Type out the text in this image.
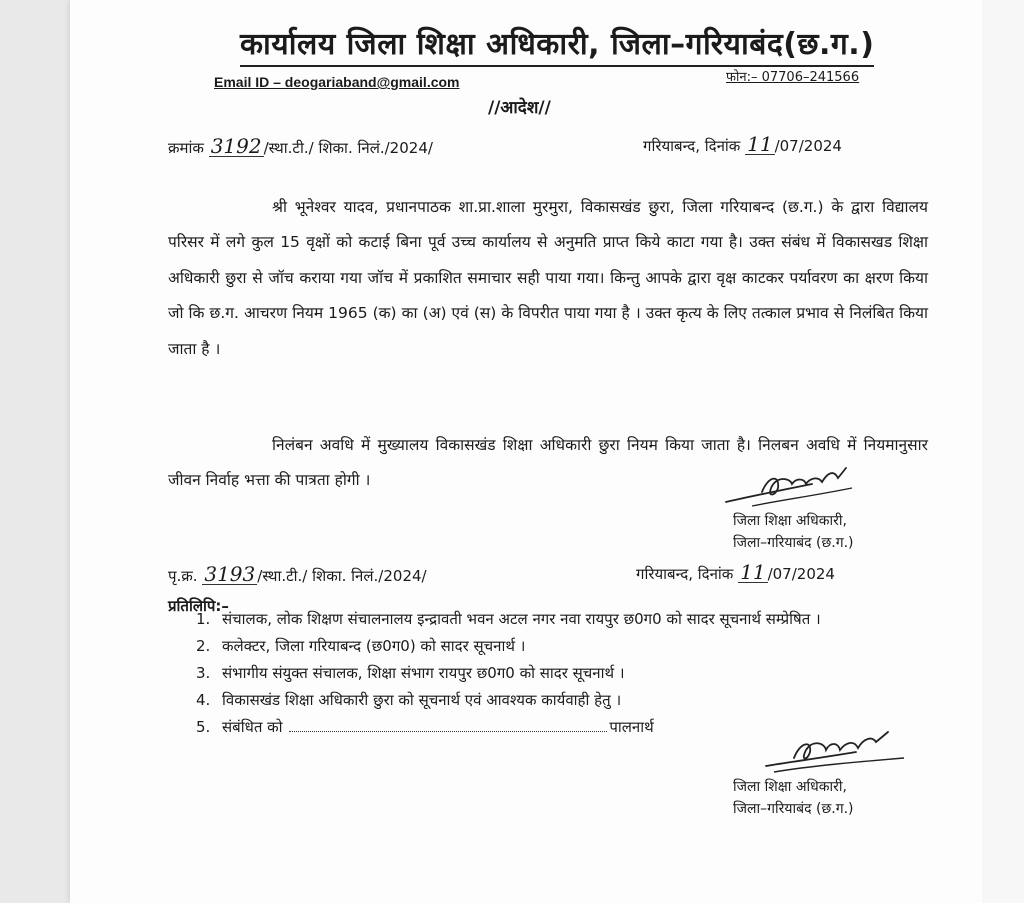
कार्यालय जिला शिक्षा अधिकारी, जिला–गरियाबंद(छ.ग.)
Email ID – deogariaband@gmail.com	फोन:– 07706–241566
//आदेश//
क्रमांक 3192 /स्था.टी./ शिका. निलं./2024/	गरियाबन्द, दिनांक 11 /07/2024

श्री भूनेश्वर यादव, प्रधानपाठक शा.प्रा.शाला मुरमुरा, विकासखंड छुरा, जिला गरियाबन्द (छ.ग.) के द्वारा विद्यालय परिसर में लगे कुल 15 वृक्षों को कटाई बिना पूर्व उच्च कार्यालय से अनुमति प्राप्त किये काटा गया है। उक्त संबंध में विकासखड शिक्षा अधिकारी छुरा से जॉच कराया गया जॉच में प्रकाशित समाचार सही पाया गया। किन्तु आपके द्वारा वृक्ष काटकर पर्यावरण का क्षरण किया जो कि छ.ग. आचरण नियम 1965 (क) का (अ) एवं (स) के विपरीत पाया गया है । उक्त कृत्य के लिए तत्काल प्रभाव से निलंबित किया जाता है ।

निलंबन अवधि में मुख्यालय विकासखंड शिक्षा अधिकारी छुरा नियम किया जाता है। निलबन अवधि में नियमानुसार जीवन निर्वाह भत्ता की पात्रता होगी ।

जिला शिक्षा अधिकारी,
जिला–गरियाबंद (छ.ग.)
पृ.क्र. 3193 /स्था.टी./ शिका. निलं./2024/	गरियाबन्द, दिनांक 11 /07/2024
प्रतिलिपि:–
1. संचालक, लोक शिक्षण संचालनालय इन्द्रावती भवन अटल नगर नवा रायपुर छ0ग0 को सादर सूचनार्थ सम्प्रेषित ।
2. कलेक्टर, जिला गरियाबन्द (छ0ग0) को सादर सूचनार्थ ।
3. संभागीय संयुक्त संचालक, शिक्षा संभाग रायपुर छ0ग0 को सादर सूचनार्थ ।
4. विकासखंड शिक्षा अधिकारी छुरा को सूचनार्थ एवं आवश्यक कार्यवाही हेतु ।
5. संबंधित को	पालनार्थ
जिला शिक्षा अधिकारी,
जिला–गरियाबंद (छ.ग.)
